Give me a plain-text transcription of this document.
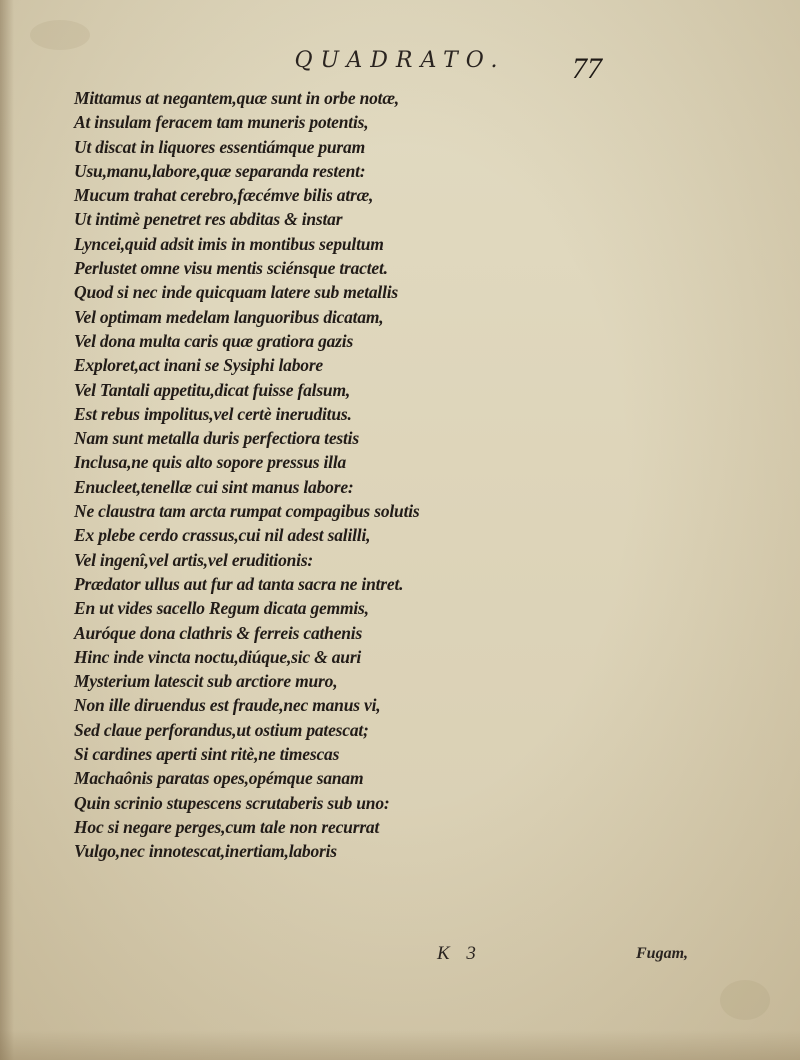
QUADRATO.	77
Mittamus at negantem,quæ sunt in orbe notæ,
At insulam feracem tam muneris potentis,
Ut discat in liquores essentiámque puram
Usu,manu,labore,quæ separanda restent:
Mucum trahat cerebro,fæcémve bilis atræ,
Ut intimè penetret res abditas & instar
Lyncei,quid adsit imis in montibus sepultum
Perlustet omne visu mentis sciénsque tractet.
Quod si nec inde quicquam latere sub metallis
Vel optimam medelam languoribus dicatam,
Vel dona multa caris quæ gratiora gazis
Exploret,act inani se Sysiphi labore
Vel Tantali appetitu,dicat fuisse falsum,
Est rebus impolitus,vel certè ineruditus.
Nam sunt metalla duris perfectiora testis
Inclusa,ne quis alto sopore pressus illa
Enucleet,tenellæ cui sint manus labore:
Ne claustra tam arcta rumpat compagibus solutis
Ex plebe cerdo crassus,cui nil adest salilli,
Vel ingenî,vel artis,vel eruditionis:
Prædator ullus aut fur ad tanta sacra ne intret.
En ut vides sacello Regum dicata gemmis,
Auróque dona clathris & ferreis cathenis
Hinc inde vincta noctu,diúque,sic & auri
Mysterium latescit sub arctiore muro,
Non ille diruendus est fraude,nec manus vi,
Sed claue perforandus,ut ostium patescat;
Si cardines aperti sint ritè,ne timescas
Machaônis paratas opes,opémque sanam
Quin scrinio stupescens scrutaberis sub uno:
Hoc si negare perges,cum tale non recurrat
Vulgo,nec innotescat,inertiam,laboris
K 3	Fugam,
